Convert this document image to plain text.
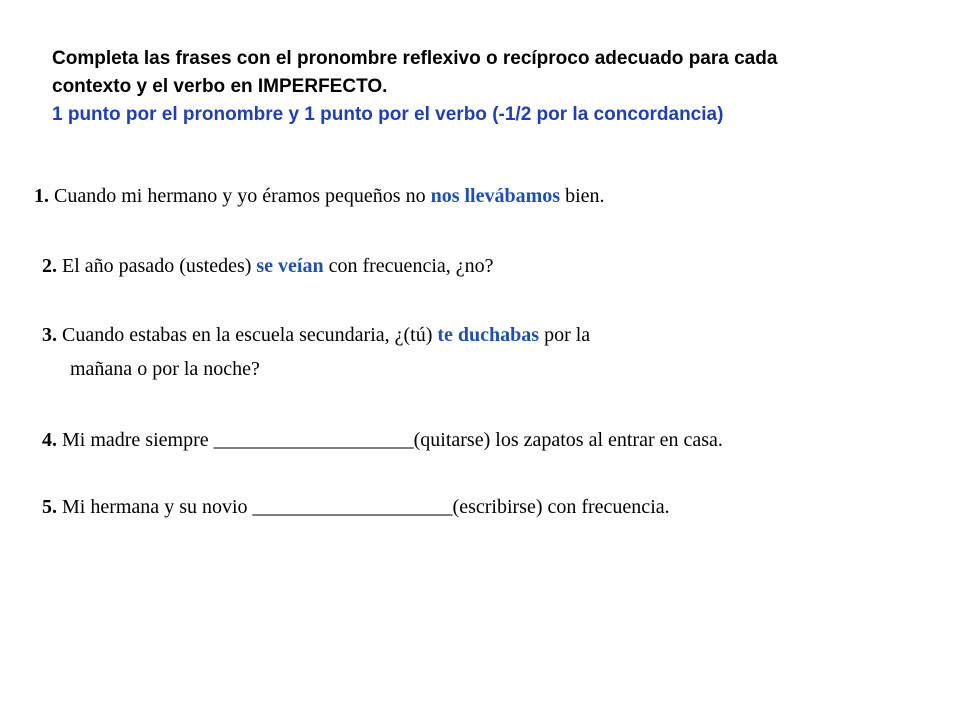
Completa las frases con el pronombre reflexivo o recíproco adecuado para cada
contexto y el verbo en IMPERFECTO.
1 punto por el pronombre y 1 punto por el verbo (-1/2 por la concordancia)
1. Cuando mi hermano y yo éramos pequeños no nos llevábamos bien.
2. El año pasado (ustedes) se veían con frecuencia, ¿no?
3. Cuando estabas en la escuela secundaria, ¿(tú) te duchabas por la
mañana o por la noche?
4. Mi madre siempre ____________________(quitarse) los zapatos al entrar en casa.
5. Mi hermana y su novio ____________________(escribirse) con frecuencia.
